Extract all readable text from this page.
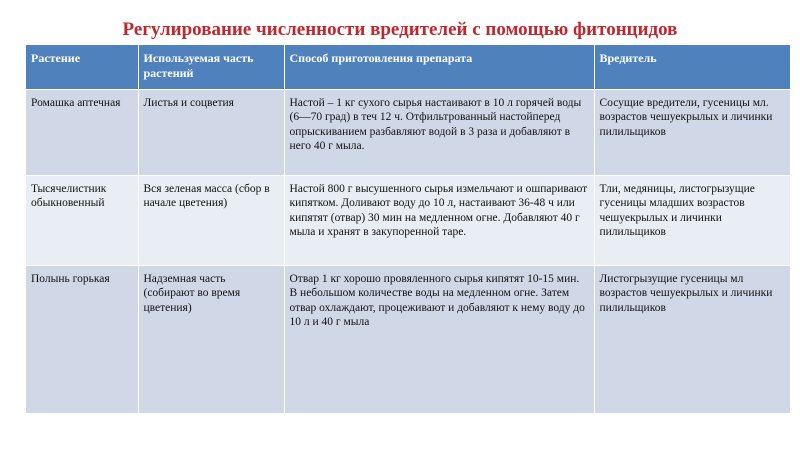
Регулирование численности вредителей с помощью фитонцидов
Растение	Используемая часть растений	Способ приготовления препарата	Вредитель
Ромашка аптечная	Листья и соцветия	Настой – 1 кг сухого сырья настаивают в 10 л горячей воды (6—70 град) в теч 12 ч. Отфильтрованный настойперед опрыскиванием разбавляют водой в 3 раза и добавляют в него 40 г мыла.	Сосущие вредители, гусеницы мл. возрастов чешуекрылых и личинки пилильщиков
Тысячелистник обыкновенный	Вся зеленая масса (сбор в начале цветения)	Настой 800 г высушенного сырья измельчают и ошпаривают кипятком. Доливают воду до 10 л, настаивают 36-48 ч или кипятят (отвар) 30 мин на медленном огне. Добавляют 40 г мыла и хранят в закупоренной таре.	Тли, медяницы, листогрызущие гусеницы младших возрастов чешуекрылых и личинки пилильщиков
Полынь горькая	Надземная часть (собирают во время цветения)	Отвар 1 кг хорошо провяленного сырья кипятят 10-15 мин. В небольшом количестве воды на медленном огне. Затем отвар охлаждают, процеживают и добавляют к нему воду до 10 л и 40 г мыла	Листогрызущие гусеницы мл возрастов чешуекрылых и личинки пилильщиков
